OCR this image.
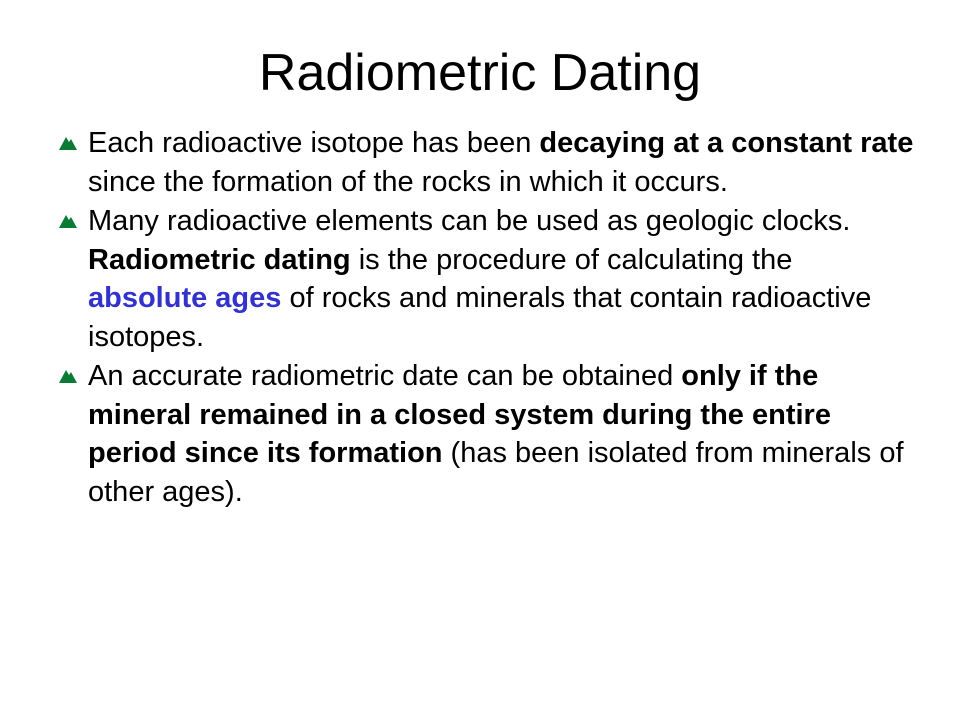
Radiometric Dating
Each radioactive isotope has been decaying at a constant rate since the formation of the rocks in which it occurs.
Many radioactive elements can be used as geologic clocks. Radiometric dating is the procedure of calculating the absolute ages of rocks and minerals that contain radioactive isotopes.
An accurate radiometric date can be obtained only if the mineral remained in a closed system during the entire period since its formation (has been isolated from minerals of other ages).
